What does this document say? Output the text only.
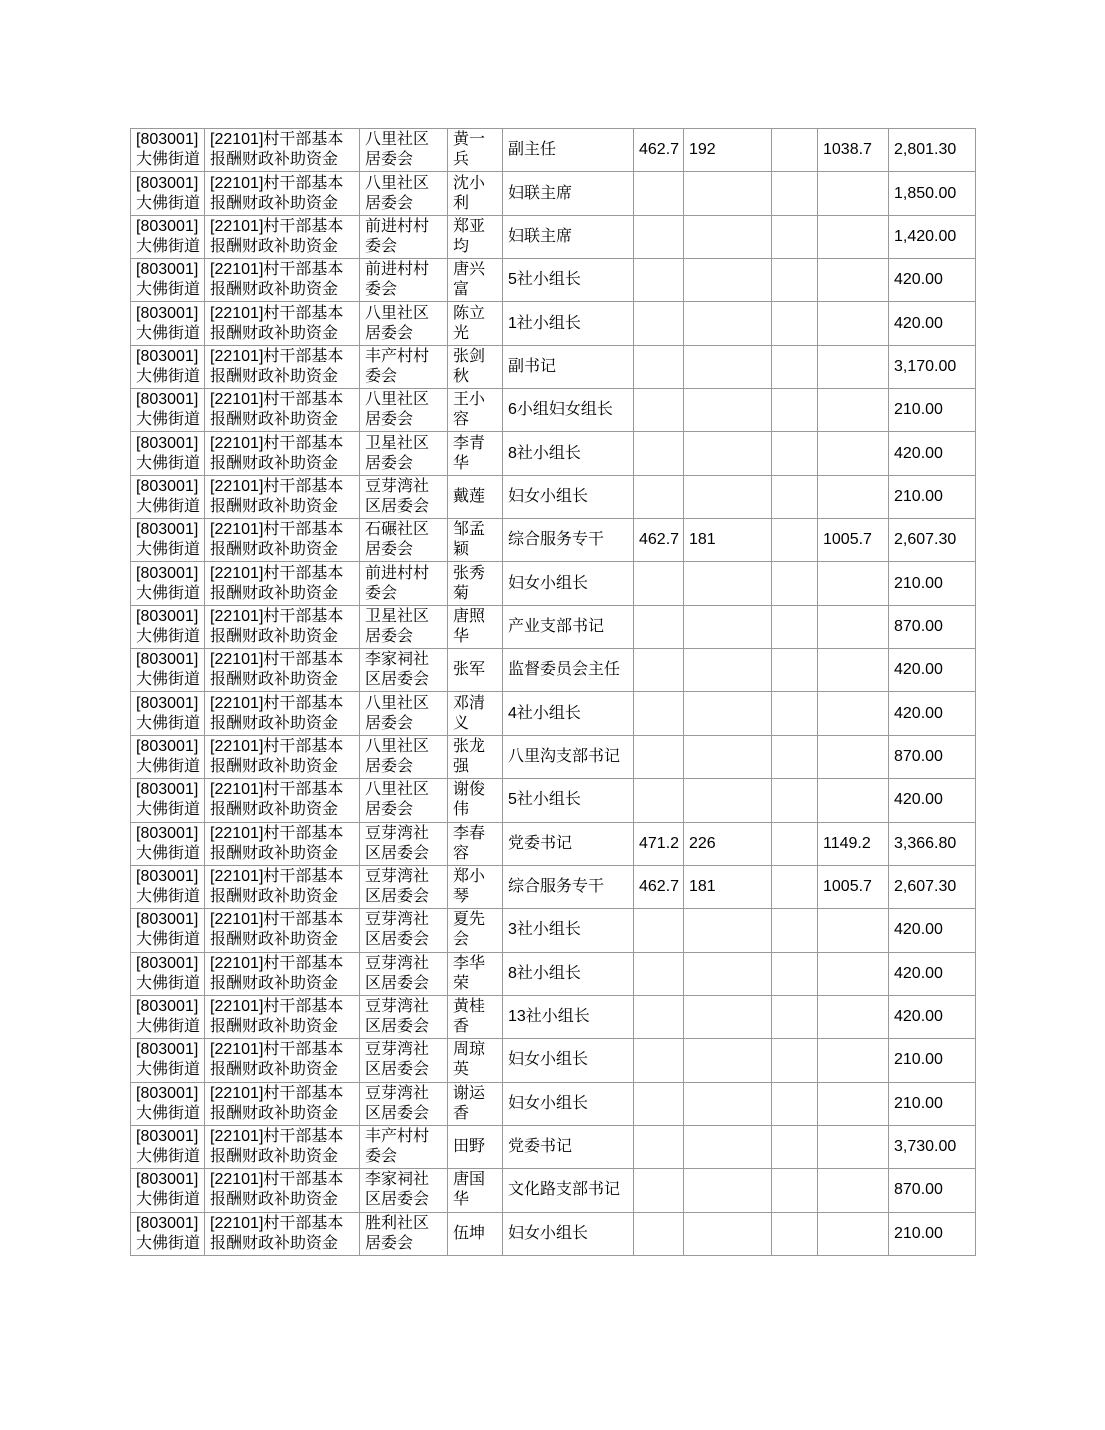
[803001]大佛街道	[22101]村干部基本报酬财政补助资金	八里社区居委会	黄一兵	副主任	462.7	192		1038.7	2,801.30
[803001]大佛街道	[22101]村干部基本报酬财政补助资金	八里社区居委会	沈小利	妇联主席					1,850.00
[803001]大佛街道	[22101]村干部基本报酬财政补助资金	前进村村委会	郑亚均	妇联主席					1,420.00
[803001]大佛街道	[22101]村干部基本报酬财政补助资金	前进村村委会	唐兴富	5社小组长					420.00
[803001]大佛街道	[22101]村干部基本报酬财政补助资金	八里社区居委会	陈立光	1社小组长					420.00
[803001]大佛街道	[22101]村干部基本报酬财政补助资金	丰产村村委会	张剑秋	副书记					3,170.00
[803001]大佛街道	[22101]村干部基本报酬财政补助资金	八里社区居委会	王小容	6小组妇女组长					210.00
[803001]大佛街道	[22101]村干部基本报酬财政补助资金	卫星社区居委会	李青华	8社小组长					420.00
[803001]大佛街道	[22101]村干部基本报酬财政补助资金	豆芽湾社区居委会	戴莲	妇女小组长					210.00
[803001]大佛街道	[22101]村干部基本报酬财政补助资金	石碾社区居委会	邹孟颖	综合服务专干	462.7	181		1005.7	2,607.30
[803001]大佛街道	[22101]村干部基本报酬财政补助资金	前进村村委会	张秀菊	妇女小组长					210.00
[803001]大佛街道	[22101]村干部基本报酬财政补助资金	卫星社区居委会	唐照华	产业支部书记					870.00
[803001]大佛街道	[22101]村干部基本报酬财政补助资金	李家祠社区居委会	张军	监督委员会主任					420.00
[803001]大佛街道	[22101]村干部基本报酬财政补助资金	八里社区居委会	邓清义	4社小组长					420.00
[803001]大佛街道	[22101]村干部基本报酬财政补助资金	八里社区居委会	张龙强	八里沟支部书记					870.00
[803001]大佛街道	[22101]村干部基本报酬财政补助资金	八里社区居委会	谢俊伟	5社小组长					420.00
[803001]大佛街道	[22101]村干部基本报酬财政补助资金	豆芽湾社区居委会	李春容	党委书记	471.2	226		1149.2	3,366.80
[803001]大佛街道	[22101]村干部基本报酬财政补助资金	豆芽湾社区居委会	郑小琴	综合服务专干	462.7	181		1005.7	2,607.30
[803001]大佛街道	[22101]村干部基本报酬财政补助资金	豆芽湾社区居委会	夏先会	3社小组长					420.00
[803001]大佛街道	[22101]村干部基本报酬财政补助资金	豆芽湾社区居委会	李华荣	8社小组长					420.00
[803001]大佛街道	[22101]村干部基本报酬财政补助资金	豆芽湾社区居委会	黄桂香	13社小组长					420.00
[803001]大佛街道	[22101]村干部基本报酬财政补助资金	豆芽湾社区居委会	周琼英	妇女小组长					210.00
[803001]大佛街道	[22101]村干部基本报酬财政补助资金	豆芽湾社区居委会	谢运香	妇女小组长					210.00
[803001]大佛街道	[22101]村干部基本报酬财政补助资金	丰产村村委会	田野	党委书记					3,730.00
[803001]大佛街道	[22101]村干部基本报酬财政补助资金	李家祠社区居委会	唐国华	文化路支部书记					870.00
[803001]大佛街道	[22101]村干部基本报酬财政补助资金	胜利社区居委会	伍坤	妇女小组长					210.00
